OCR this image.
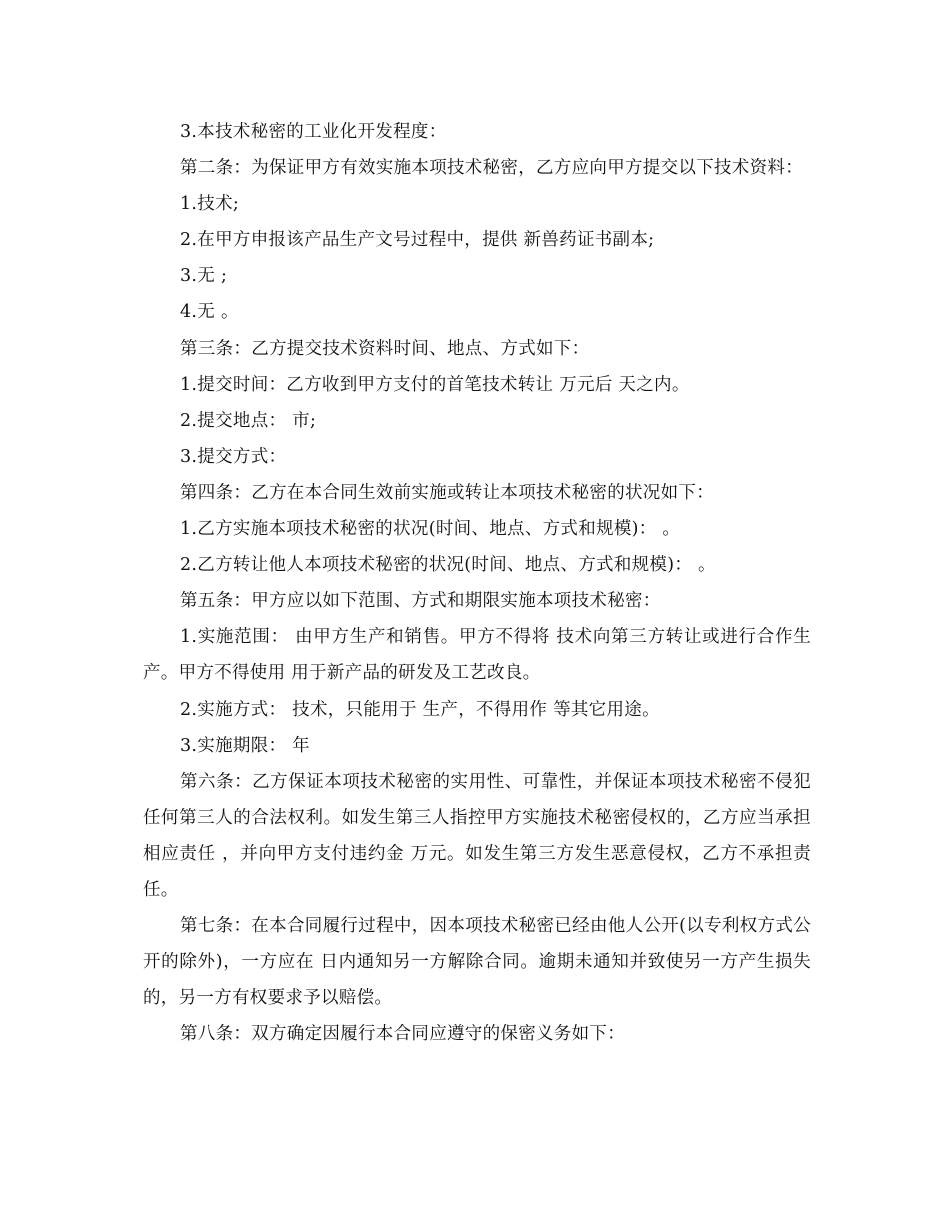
3.本技术秘密的工业化开发程度：

第二条：为保证甲方有效实施本项技术秘密，乙方应向甲方提交以下技术资料：

1.技术;

2.在甲方申报该产品生产文号过程中，提供 新兽药证书副本;

3.无 ;

4.无 。

第三条：乙方提交技术资料时间、地点、方式如下：

1.提交时间：乙方收到甲方支付的首笔技术转让 万元后 天之内。

2.提交地点： 市;

3.提交方式：

第四条：乙方在本合同生效前实施或转让本项技术秘密的状况如下：

1.乙方实施本项技术秘密的状况(时间、地点、方式和规模)： 。

2.乙方转让他人本项技术秘密的状况(时间、地点、方式和规模)： 。

第五条：甲方应以如下范围、方式和期限实施本项技术秘密：

1.实施范围： 由甲方生产和销售。甲方不得将 技术向第三方转让或进行合作生产。甲方不得使用 用于新产品的研发及工艺改良。

2.实施方式： 技术，只能用于 生产，不得用作 等其它用途。

3.实施期限： 年

第六条：乙方保证本项技术秘密的实用性、可靠性，并保证本项技术秘密不侵犯任何第三人的合法权利。如发生第三人指控甲方实施技术秘密侵权的，乙方应当承担相应责任 ，并向甲方支付违约金 万元。如发生第三方发生恶意侵权，乙方不承担责任。

第七条：在本合同履行过程中，因本项技术秘密已经由他人公开(以专利权方式公开的除外)，一方应在 日内通知另一方解除合同。逾期未通知并致使另一方产生损失的，另一方有权要求予以赔偿。

第八条：双方确定因履行本合同应遵守的保密义务如下：
